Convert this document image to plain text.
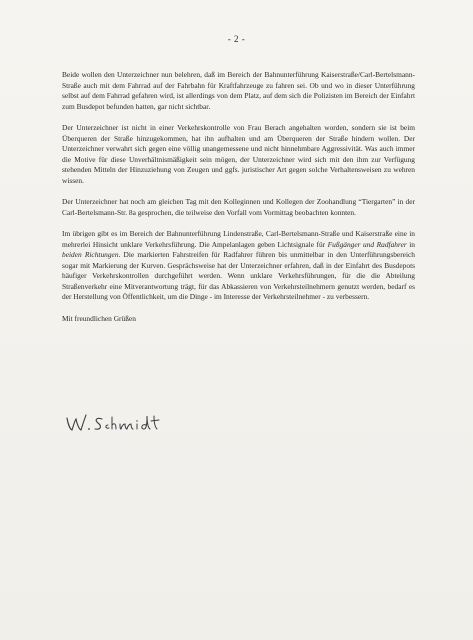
- 2 -

Beide wollen den Unterzeichner nun belehren, daß im Bereich der Bahnunterführung Kaiserstraße/Carl-Bertelsmann-Straße auch mit dem Fahrrad auf der Fahrbahn für Kraftfahrzeuge zu fahren sei. Ob und wo in dieser Unterführung selbst auf dem Fahrrad gefahren wird, ist allerdings von dem Platz, auf dem sich die Polizisten im Bereich der Einfahrt zum Busdepot befunden hatten, gar nicht sichtbar.

Der Unterzeichner ist nicht in einer Verkehrskontrolle von Frau Berach angehalten worden, sondern sie ist beim Überqueren der Straße hinzugekommen, hat ihn aufhalten und am Überqueren der Straße hindern wollen. Der Unterzeichner verwahrt sich gegen eine völlig unangemessene und nicht hinnehmbare Aggressivität. Was auch immer die Motive für diese Unverhältnismäßigkeit sein mögen, der Unterzeichner wird sich mit den ihm zur Verfügung stehenden Mitteln der Hinzuziehung von Zeugen und ggfs. juristischer Art gegen solche Verhaltensweisen zu wehren wissen.

Der Unterzeichner hat noch am gleichen Tag mit den Kolleginnen und Kollegen der Zoohandlung “Tiergarten” in der Carl-Bertelsmann-Str. 8a gesprochen, die teilweise den Vorfall vom Vormittag beobachten konnten.

Im übrigen gibt es im Bereich der Bahnunterführung Lindenstraße, Carl-Bertelsmann-Straße und Kaiserstraße eine in mehrerlei Hinsicht unklare Verkehrsführung. Die Ampelanlagen geben Lichtsignale für Fußgänger und Radfahrer in beiden Richtungen. Die markierten Fahrstreifen für Radfahrer führen bis unmittelbar in den Unterführungsbereich sogar mit Markierung der Kurven. Gesprächsweise hat der Unterzeichner erfahren, daß in der Einfahrt des Busdepots häufiger Verkehrskontrollen durchgeführt werden. Wenn unklare Verkehrsführungen, für die die Abteilung Straßenverkehr eine Mitverantwortung trägt, für das Abkassieren von Verkehrsteilnehmern genutzt werden, bedarf es der Herstellung von Öffentlichkeit, um die Dinge - im Interesse der Verkehrsteilnehmer - zu verbessern.

Mit freundlichen Grüßen
